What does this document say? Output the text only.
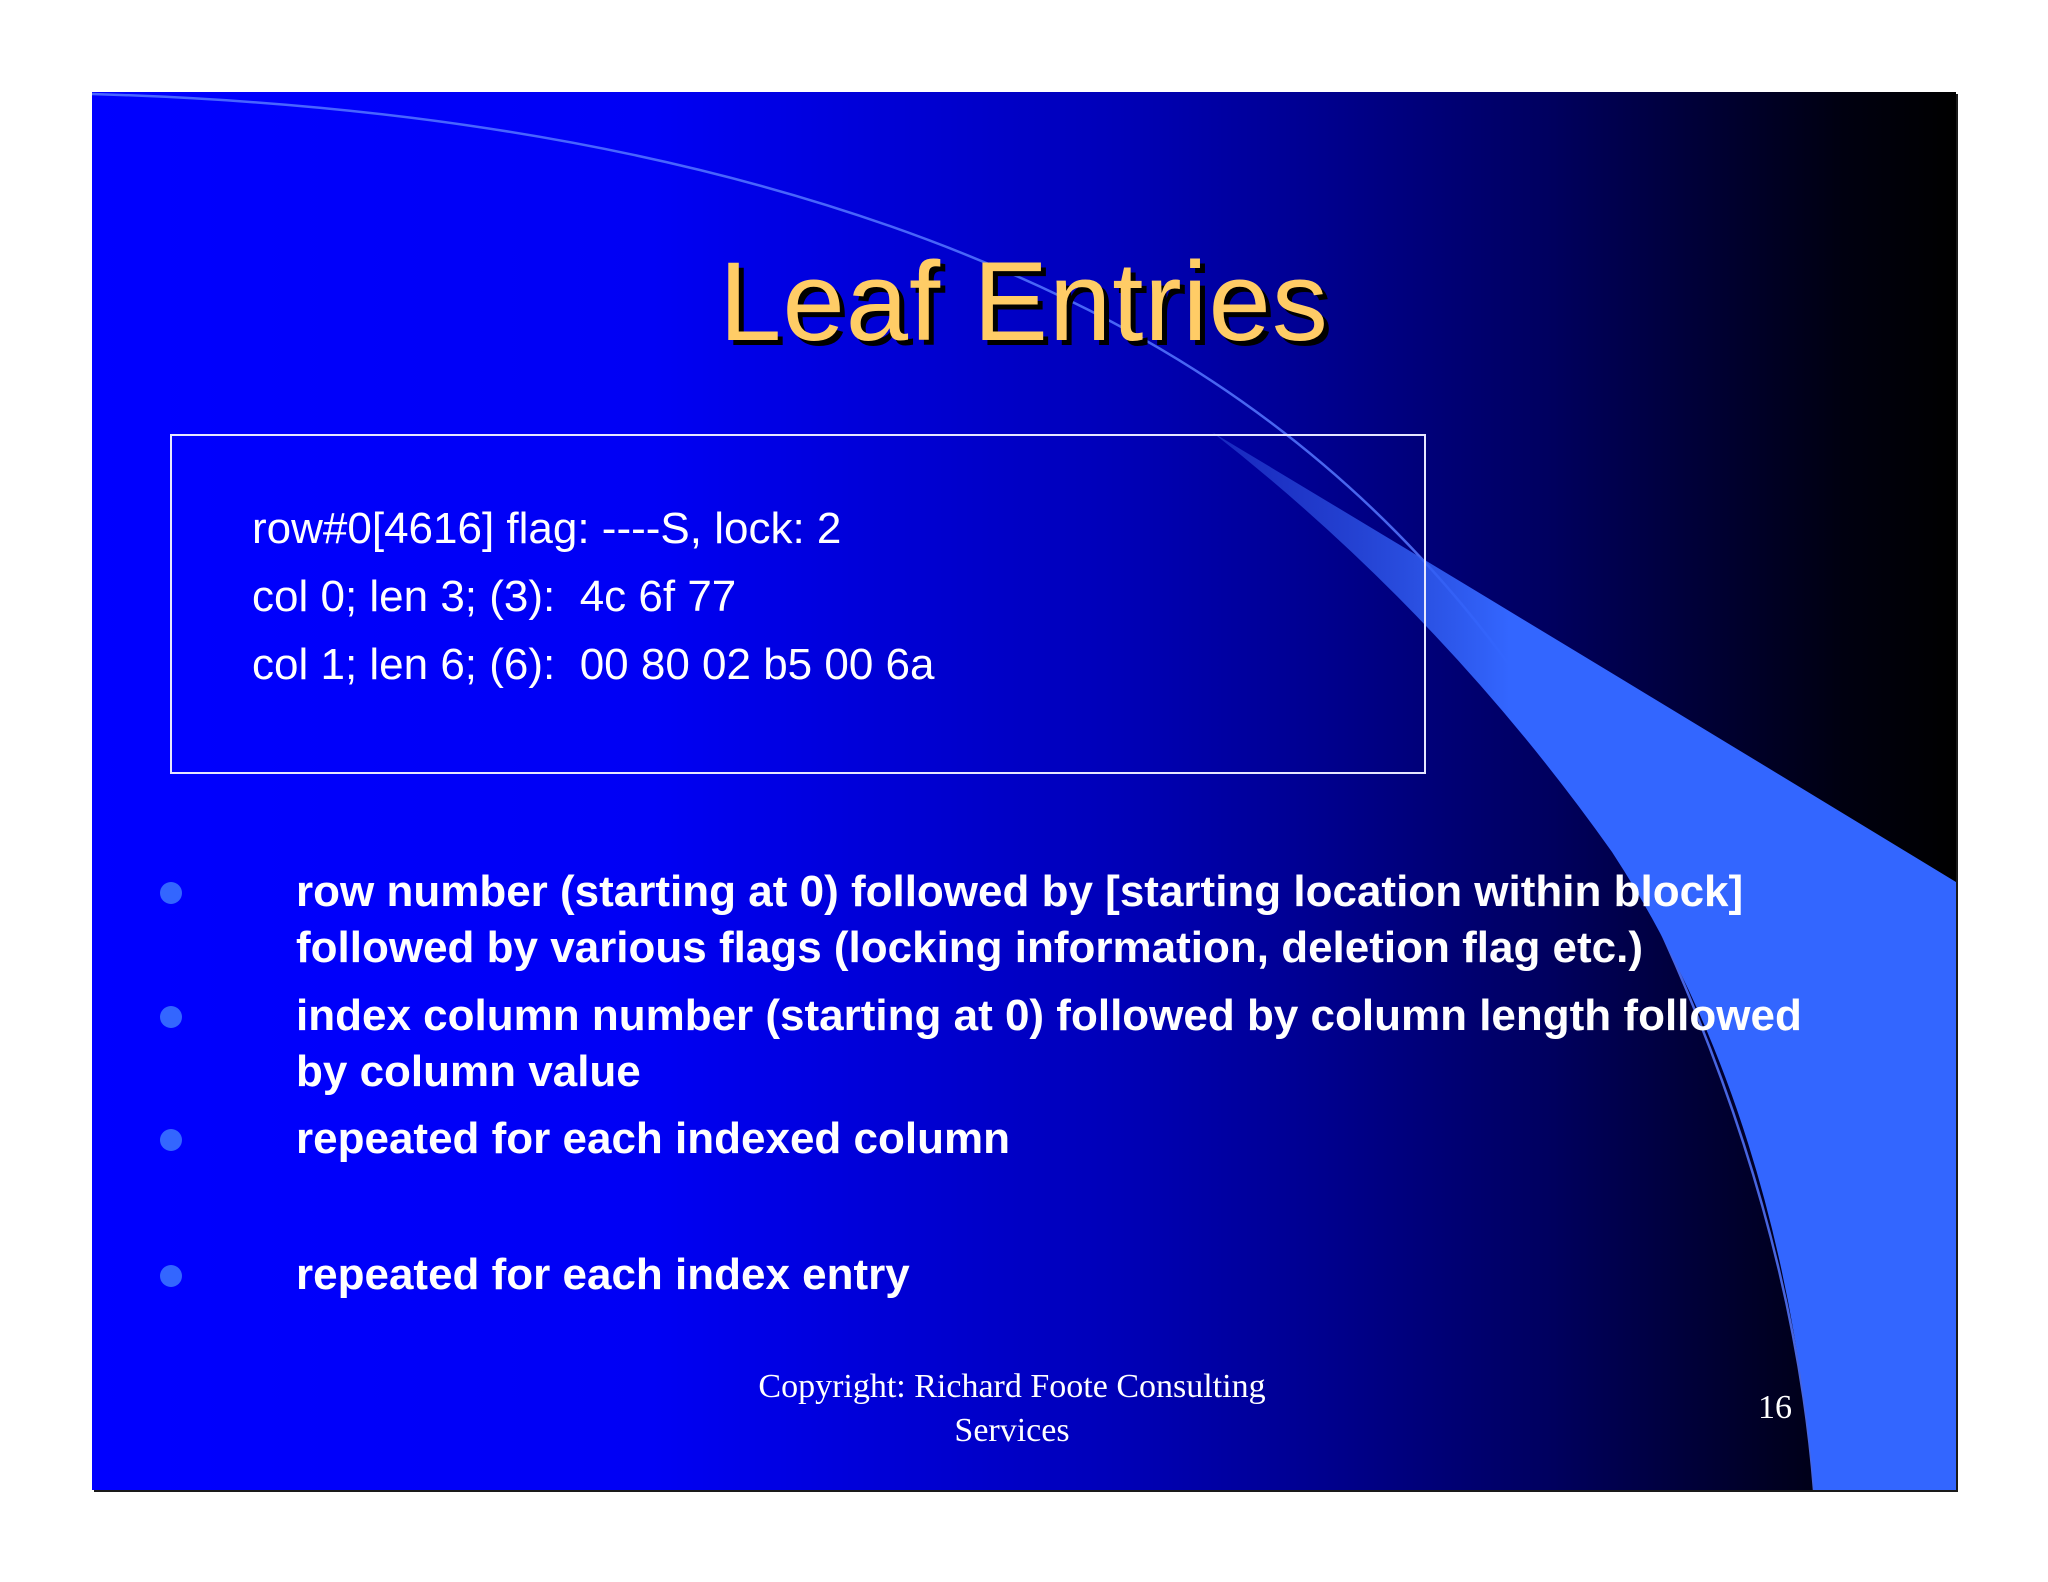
Leaf Entries
row#0[4616] flag: ----S, lock: 2
col 0; len 3; (3):  4c 6f 77
col 1; len 6; (6):  00 80 02 b5 00 6a
row number (starting at 0) followed by [starting location within block] followed by various flags (locking information, deletion flag etc.)
index column number (starting at 0) followed by column length followed by column value
repeated for each indexed column
repeated for each index entry
Copyright: Richard Foote Consulting
Services
16
